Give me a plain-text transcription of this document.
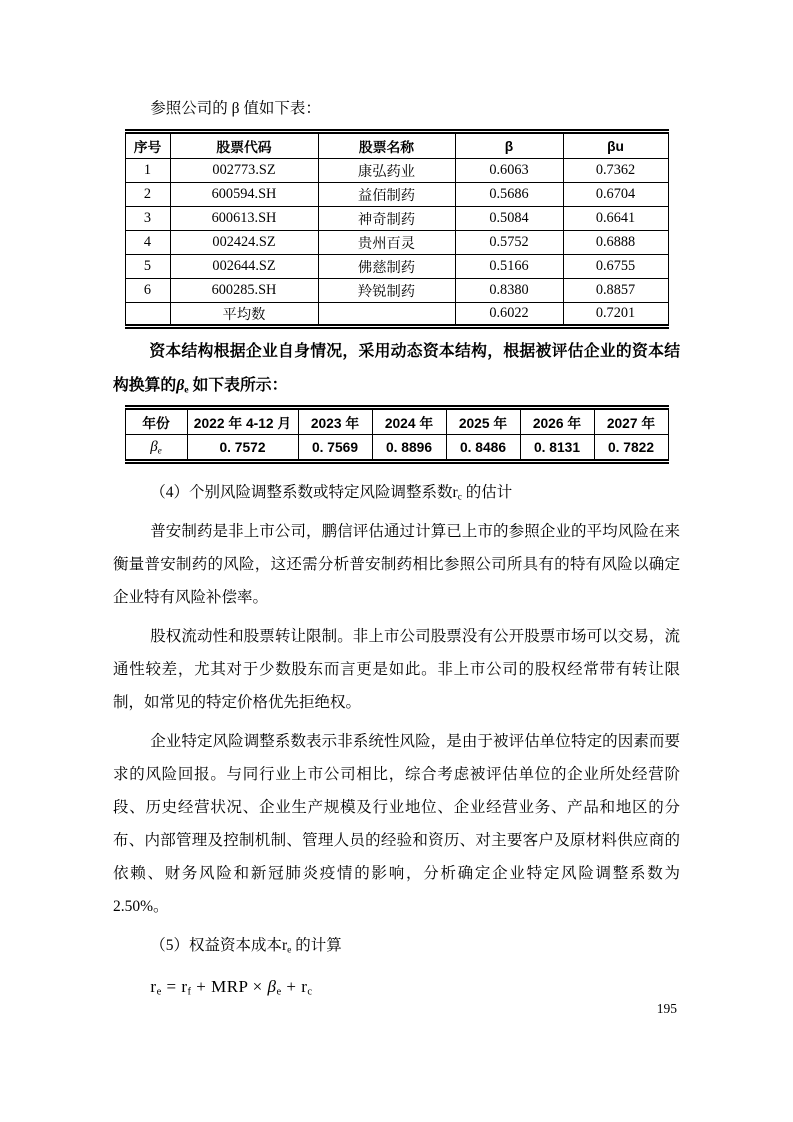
参照公司的 β 值如下表：
序号	股票代码	股票名称	β	βu
1	002773.SZ	康弘药业	0.6063	0.7362
2	600594.SH	益佰制药	0.5686	0.6704
3	600613.SH	神奇制药	0.5084	0.6641
4	002424.SZ	贵州百灵	0.5752	0.6888
5	002644.SZ	佛慈制药	0.5166	0.6755
6	600285.SH	羚锐制药	0.8380	0.8857
	平均数		0.6022	0.7201
资本结构根据企业自身情况，采用动态资本结构，根据被评估企业的资本结构换算的$\beta_e$ 如下表所示：
年份	2022 年 4-12 月	2023 年	2024 年	2025 年	2026 年	2027 年
$\beta_e$	0. 7572	0. 7569	0. 8896	0. 8486	0. 8131	0. 7822
（4）个别风险调整系数或特定风险调整系数$r_c$ 的估计

普安制药是非上市公司，鹏信评估通过计算已上市的参照企业的平均风险在来衡量普安制药的风险，这还需分析普安制药相比参照公司所具有的特有风险以确定企业特有风险补偿率。

股权流动性和股票转让限制。非上市公司股票没有公开股票市场可以交易，流通性较差，尤其对于少数股东而言更是如此。非上市公司的股权经常带有转让限制，如常见的特定价格优先拒绝权。

企业特定风险调整系数表示非系统性风险，是由于被评估单位特定的因素而要求的风险回报。与同行业上市公司相比，综合考虑被评估单位的企业所处经营阶段、历史经营状况、企业生产规模及行业地位、企业经营业务、产品和地区的分布、内部管理及控制机制、管理人员的经验和资历、对主要客户及原材料供应商的依赖、财务风险和新冠肺炎疫情的影响，分析确定企业特定风险调整系数为2.50%。

（5）权益资本成本$r_e$ 的计算
$r_e = r_f$ + MRP × $\beta_e + r_c$
195
